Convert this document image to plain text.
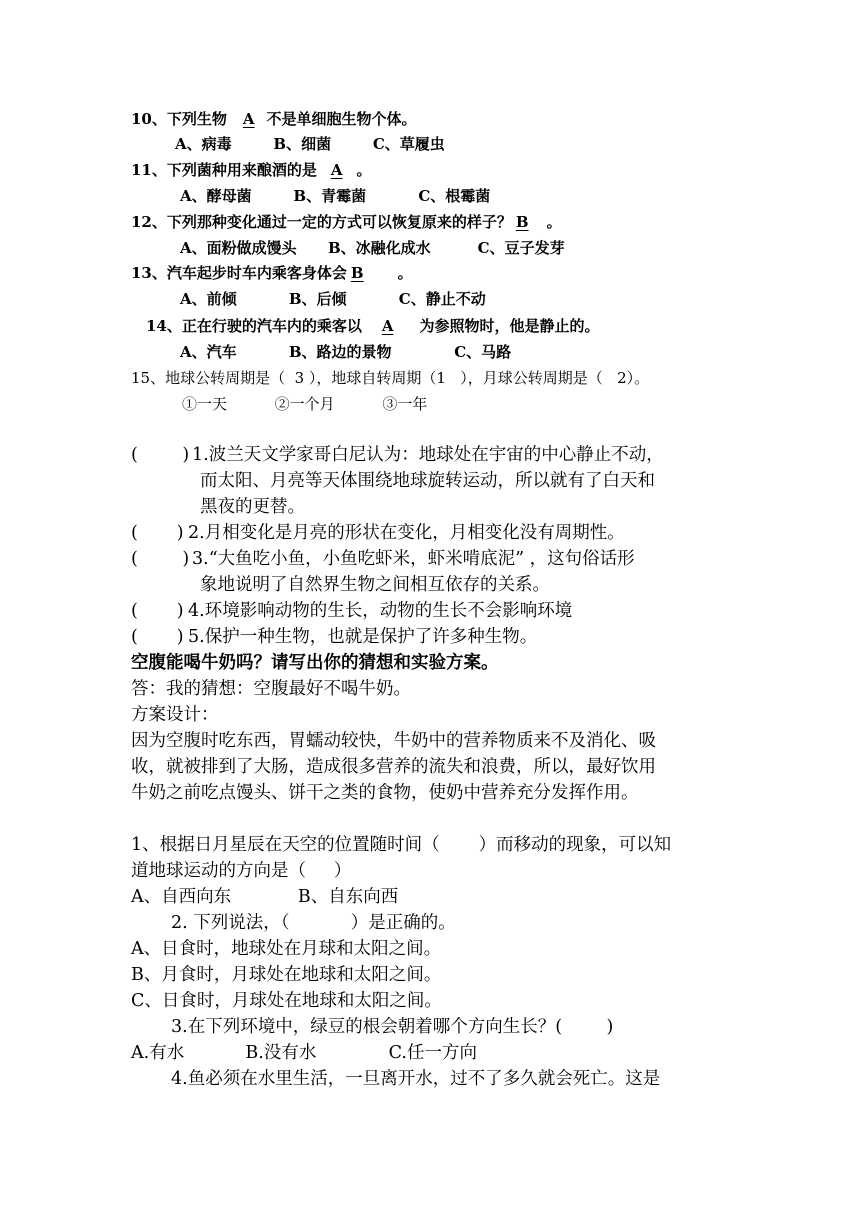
10、下列生物 A 不是单细胞生物个体。
A、病毒        B、细菌        C、草履虫
11、下列菌种用来酿酒的是 A 。
A、酵母菌        B、青霉菌          C、根霉菌
12、下列那种变化通过一定的方式可以恢复原来的样子？ B 。
A、面粉做成馒头      B、冰融化成水         C、豆子发芽
13、汽车起步时车内乘客身体会 B 。
A、前倾          B、后倾          C、静止不动
14、正在行驶的汽车内的乘客以 A 为参照物时，他是静止的。
A、汽车          B、路边的景物            C、马路
15、地球公转周期是（  3 ），地球自转周期（1   ），月球公转周期是（   2）。
①一天          ②一个月          ③一年
(        ) 1.波兰天文学家哥白尼认为：地球处在宇宙的中心静止不动，
而太阳、月亮等天体围绕地球旋转运动，所以就有了白天和
黑夜的更替。
(       ) 2.月相变化是月亮的形状在变化，月相变化没有周期性。
(        ) 3.“大鱼吃小鱼，小鱼吃虾米，虾米啃底泥” ，这句俗话形
象地说明了自然界生物之间相互依存的关系。
(       ) 4.环境影响动物的生长，动物的生长不会影响环境
(       ) 5.保护一种生物，也就是保护了许多种生物。
空腹能喝牛奶吗？请写出你的猜想和实验方案。
答：我的猜想：空腹最好不喝牛奶。
方案设计：
因为空腹时吃东西，胃蠕动较快，牛奶中的营养物质来不及消化、吸
收，就被排到了大肠，造成很多营养的流失和浪费，所以，最好饮用
牛奶之前吃点馒头、饼干之类的食物，使奶中营养充分发挥作用。
1、根据日月星辰在天空的位置随时间（       ）而移动的现象，可以知
道地球运动的方向是（     ）
A、自西向东            B、自东向西
2. 下列说法，（           ）是正确的。
A、日食时，地球处在月球和太阳之间。
B、月食时，月球处在地球和太阳之间。
C、日食时，月球处在地球和太阳之间。
3.在下列环境中，绿豆的根会朝着哪个方向生长？(        )
A.有水           B.没有水             C.任一方向
4.鱼必须在水里生活，一旦离开水，过不了多久就会死亡。这是
